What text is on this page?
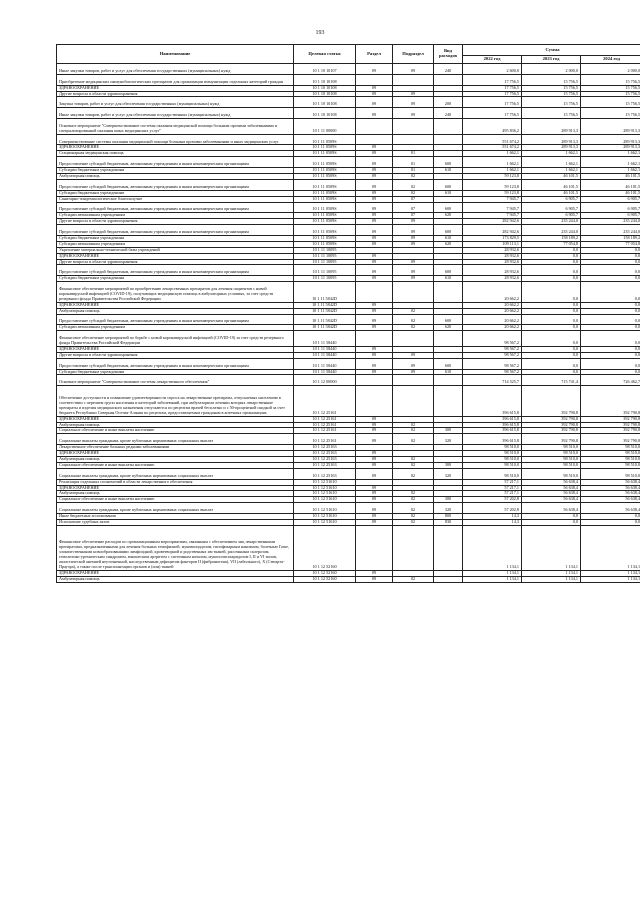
193
Наименование	Целевая статья	Раздел	Подраздел	Вид расходов	Сумма		
					2022 год	2023 год	2024 год
Иные закупки товаров, работ и услуг для обеспечения государственных (муниципальных) нужд	10 1 10 10107	09	09	240	2 600,0	2 000,0	2 000,0
Приобретение медицинских иммунобиологических препаратов для организации иммунизации отдельных категорий граждан	10 1 10 10108				17 756,5	15 756,5	15 756,5
ЗДРАВООХРАНЕНИЕ	10 1 10 10108	09			17 756,5	15 756,5	15 756,5
Другие вопросы в области здравоохранения	10 1 10 10108	09	09		17 756,5	15 756,5	15 756,5
Закупка товаров, работ и услуг для обеспечения государственных (муниципальных) нужд	10 1 10 10108	09	09	200	17 756,5	15 756,5	15 756,5
Иные закупки товаров, работ и услуг для обеспечения государственных (муниципальных) нужд	10 1 10 10108	09	09	240	17 756,5	15 756,5	15 756,5
Основное мероприятие "Совершенствование системы оказания медицинской помощи больным прочими заболеваниями и специализированной оказания иных медицинских услуг"	10 1 11 00000				495 836,2	289 913,3	289 913,3
Совершенствование системы оказания медицинской помощи больным прочими заболеваниями и иных медицинских услуг	10 1 11 0509S				551 674,2	289 913,3	289 913,3
ЗДРАВООХРАНЕНИЕ	10 1 11 0509S	09			551 674,2	289 913,3	289 913,3
Стационарная медицинская помощь	10 1 11 0509S	09	01		1 662,1	1 662,1	1 662,1
Предоставление субсидий бюджетным, автономным учреждениям и иным некоммерческим организациям	10 1 11 0509S	09	01	600	1 662,1	1 662,1	1 662,1
Субсидии бюджетным учреждениям	10 1 11 0509S	09	01	610	1 662,1	1 662,1	1 662,1
Амбулаторная помощь	10 1 11 0509S	09	02		59 123,8	46 101,5	46 101,5
Предоставление субсидий бюджетным, автономным учреждениям и иным некоммерческим организациям	10 1 11 0509S	09	02	600	59 123,8	46 101,5	46 101,5
Субсидии бюджетным учреждениям	10 1 11 0509S	09	02	610	59 123,8	46 101,5	46 101,5
Санитарно-эпидемиологическое благополучие	10 1 11 0509S	09	07		7 945,7	6 905,7	6 905,7
Предоставление субсидий бюджетным, автономным учреждениям и иным некоммерческим организациям	10 1 11 0509S	09	07	600	7 945,7	6 905,7	6 905,7
Субсидии автономным учреждениям	10 1 11 0509S	09	07	620	7 945,7	6 905,7	6 905,7
Другие вопросы в области здравоохранения	10 1 11 0509S	09	09		282 942,6	235 244,0	235 244,0
Предоставление субсидий бюджетным, автономным учреждениям и иным некоммерческим организациям	10 1 11 0509S	09	09	600	282 942,6	235 244,0	235 244,0
Субсидии бюджетным учреждениям	10 1 11 0509S	09	09	610	173 829,5	158 189,2	158 189,2
Субсидии автономным учреждениям	10 1 11 0509S	09	09	620	109 113,1	77 054,8	77 054,8
Укрепление материально-технической базы учреждений	10 1 11 10095				28 932,6	0,0	0,0
ЗДРАВООХРАНЕНИЕ	10 1 11 10095	09			28 932,6	0,0	0,0
Другие вопросы в области здравоохранения	10 1 11 10095	09	09		28 932,6	0,0	0,0
Предоставление субсидий бюджетным, автономным учреждениям и иным некоммерческим организациям	10 1 11 10095	09	09	600	28 932,6	0,0	0,0
Субсидии бюджетным учреждениям	10 1 11 10095	09	09	610	28 932,6	0,0	0,0
Финансовое обеспечение мероприятий по приобретению лекарственных препаратов для лечения пациентов с новой коронавирусной инфекцией (COVID-19), получающих медицинскую помощь в амбулаторных условиях, за счет средств резервного фонда Правительства Российской Федерации	10 1 11 5842D				20 662,2	0,0	0,0
ЗДРАВООХРАНЕНИЕ	10 1 11 5842D	09			20 662,2	0,0	0,0
Амбулаторная помощь	10 1 11 5842D	09	02		20 662,2	0,0	0,0
Предоставление субсидий бюджетным, автономным учреждениям и иным некоммерческим организациям	10 1 11 5842D	09	02	600	20 662,2	0,0	0,0
Субсидии автономным учреждениям	10 1 11 5842D	09	02	620	20 662,2	0,0	0,0
Финансовое обеспечение мероприятий по борьбе с новой коронавирусной инфекцией (COVID-19) за счет средств резервного фонда Правительства Российской Федерации	10 1 11 58440				98 567,2	0,0	0,0
ЗДРАВООХРАНЕНИЕ	10 1 11 58440	09			98 567,2	0,0	0,0
Другие вопросы в области здравоохранения	10 1 11 58440	09	09		98 567,2	0,0	0,0
Предоставление субсидий бюджетным, автономным учреждениям и иным некоммерческим организациям	10 1 11 58440	09	09	600	98 567,2	0,0	0,0
Субсидии бюджетным учреждениям	10 1 11 58440	09	09	610	98 567,2	0,0	0,0
Основное мероприятие "Совершенствование системы лекарственного обеспечения"	10 1 12 00000				714 525,7	715 741,4	726 462,7
Обеспечение доступности и повышение удовлетворенности спроса на лекарственные препараты, отпускаемых населению в соответствии с перечнем групп населения и категорий заболеваний, при амбулаторном лечении которых лекарственные препараты и изделия медицинского назначения отпускаются по рецептам врачей бесплатно и с 50-процентной скидкой за счет бюджета Республики Северная Осетия-Алания по рецептам, предоставляемым гражданам в аптечных организациях	10 1 12 25161				396 615,8	392 790,8	392 790,8
ЗДРАВООХРАНЕНИЕ	10 1 12 25161	09			396 615,8	392 790,8	392 790,8
Амбулаторная помощь	10 1 12 25161	09	02		396 615,8	392 790,8	392 790,8
Социальное обеспечение и иные выплаты населению	10 1 12 25161	09	02	300	396 615,8	392 790,8	392 790,8
Социальные выплаты гражданам, кроме публичных нормативных социальных выплат	10 1 12 25161	09	02	320	396 615,8	392 790,8	392 790,8
Лекарственное обеспечение больных редкими заболеваниями	10 1 12 25163				98 510,0	98 510,0	98 510,0
ЗДРАВООХРАНЕНИЕ	10 1 12 25163	09			98 510,0	98 510,0	98 510,0
Амбулаторная помощь	10 1 12 25163	09	02		98 510,0	98 510,0	98 510,0
Социальное обеспечение и иные выплаты населению	10 1 12 25163	09	02	300	98 510,0	98 510,0	98 510,0
Социальные выплаты гражданам, кроме публичных нормативных социальных выплат	10 1 12 25163	09	02	320	98 510,0	98 510,0	98 510,0
Реализация отдельных полномочий в области лекарственного обеспечения	10 1 12 51610				57 217,1	56 638,4	56 638,4
ЗДРАВООХРАНЕНИЕ	10 1 12 51610	09			57 217,1	56 638,4	56 638,4
Амбулаторная помощь	10 1 12 51610	09	02		57 217,1	56 638,4	56 638,4
Социальное обеспечение и иные выплаты населению	10 1 12 51610	09	02	300	57 202,8	56 638,4	56 638,4
Социальные выплаты гражданам, кроме публичных нормативных социальных выплат	10 1 12 51610	09	02	320	57 202,8	56 638,4	56 638,4
Иные бюджетные ассигнования	10 1 12 51610	09	02	800	14,3	0,0	0,0
Исполнение судебных актов	10 1 12 51610	09	02	830	14,3	0,0	0,0
Финансовое обеспечение расходов по организационным мероприятиям, связанным с обеспечением лиц лекарственными препаратами, предназначенными для лечения больных гемофилией, муковисцидозом, гипофизарным нанизмом, болезнью Гоше, злокачественными новообразованиями лимфоидной, кроветворной и родственных им тканей, рассеянным склерозом, гемолитико-уремическим синдромом, юношеским артритом с системным началом, мукополисахаридозом I, II и VI типов, апластической анемией неуточненной, наследственным дефицитом факторов II (фибриногена), VII (лабильного), X (Стюарта-Прауэра), а также после трансплантации органов и (или) тканей	10 1 12 52160				1 134,1	1 134,1	1 134,1
ЗДРАВООХРАНЕНИЕ	10 1 12 52160	09			1 134,1	1 134,1	1 134,1
Амбулаторная помощь	10 1 12 52160	09	02		1 134,1	1 134,1	1 134,1
